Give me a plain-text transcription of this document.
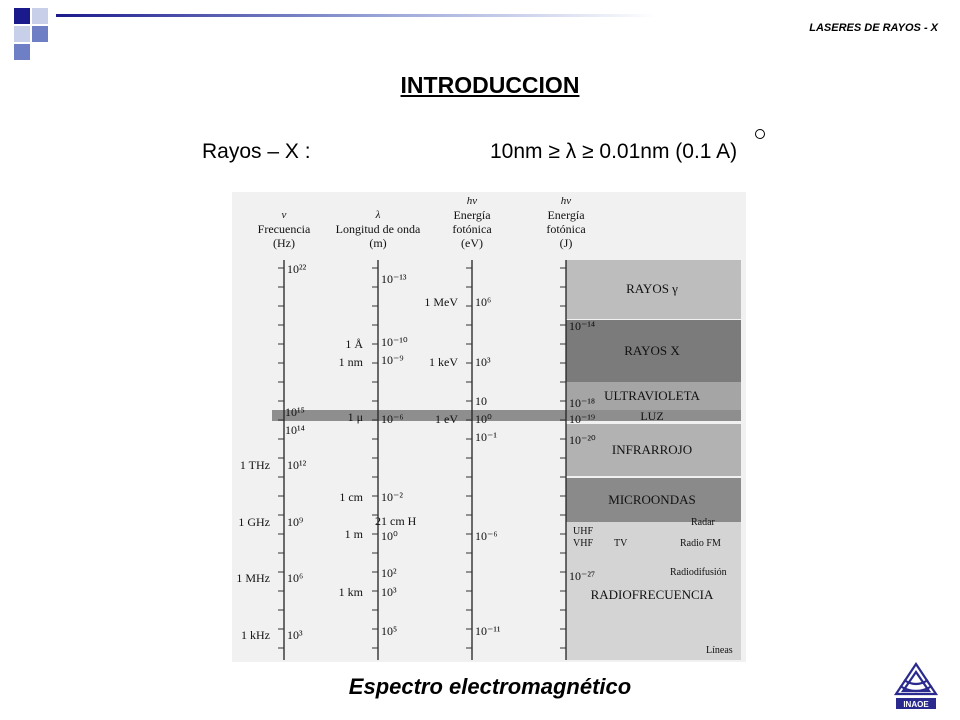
LASERES DE RAYOS - X
INTRODUCCION
Rayos – X :	10nm ≥ λ ≥ 0.01nm (0.1 A)
ν
Frecuencia
(Hz)
λ
Longitud de onda
(m)
hν
Energía
fotónica
(eV)
hν
Energía
fotónica
(J)
1 THz
1 GHz
1 MHz
1 kHz
10²²
10¹⁵
10¹⁴
10¹²
10⁹
10⁶
10³
1 Å
1 nm
1 μ
1 cm
1 m
1 km
10⁻¹³
10⁻¹⁰
10⁻⁹
10⁻⁶
10⁻²
21 cm H
10⁰
10²
10³
10⁵
1 MeV
1 keV
1 eV
10⁶
10³
10
10⁰
10⁻¹
10⁻⁶
10⁻¹¹
10⁻¹⁴
10⁻¹⁸
10⁻¹⁹
10⁻²⁰
10⁻²⁷
RAYOS γ
RAYOS X
ULTRAVIOLETA
LUZ
INFRARROJO
MICROONDAS
RADIOFRECUENCIA
UHF
VHF TV
Radar
Radio FM
Radiodifusión
Líneas
Espectro electromagnético
INAOE
